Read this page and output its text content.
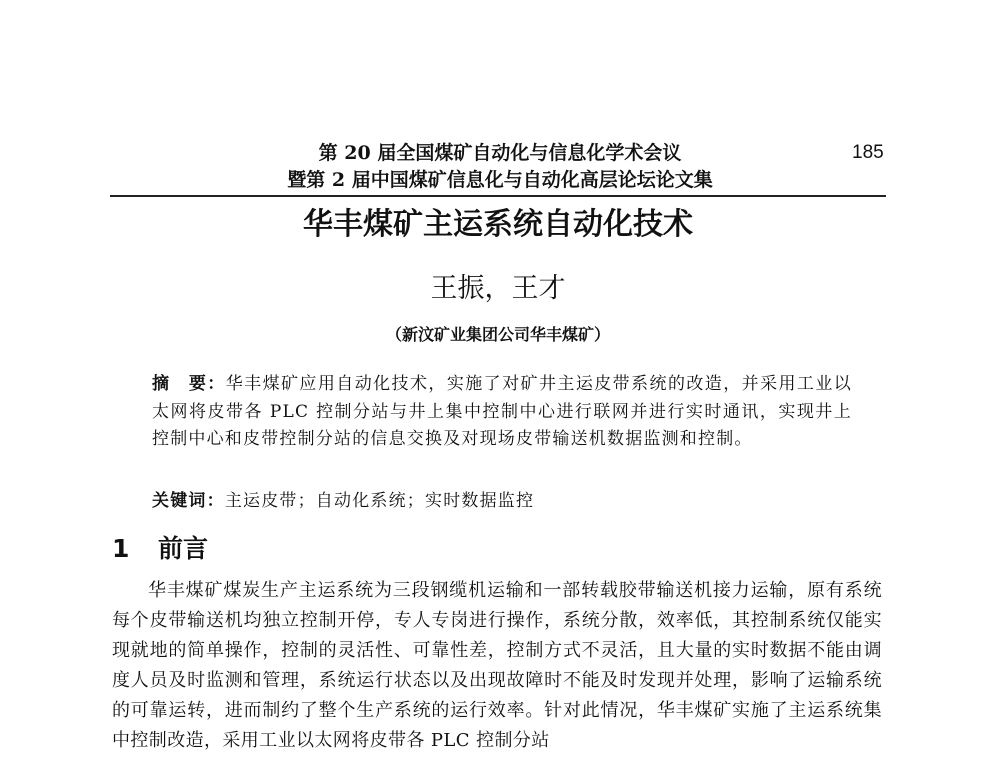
第 20 届全国煤矿自动化与信息化学术会议
暨第 2 届中国煤矿信息化与自动化高层论坛论文集
185
华丰煤矿主运系统自动化技术
王振，王才
（新汶矿业集团公司华丰煤矿）
摘　要：华丰煤矿应用自动化技术，实施了对矿井主运皮带系统的改造，并采用工业以太网将皮带各 PLC 控制分站与井上集中控制中心进行联网并进行实时通讯，实现井上控制中心和皮带控制分站的信息交换及对现场皮带输送机数据监测和控制。
关键词：主运皮带；自动化系统；实时数据监控
1 前言
华丰煤矿煤炭生产主运系统为三段钢缆机运输和一部转载胶带输送机接力运输，原有系统每个皮带输送机均独立控制开停，专人专岗进行操作，系统分散，效率低，其控制系统仅能实现就地的简单操作，控制的灵活性、可靠性差，控制方式不灵活，且大量的实时数据不能由调度人员及时监测和管理，系统运行状态以及出现故障时不能及时发现并处理，影响了运输系统的可靠运转，进而制约了整个生产系统的运行效率。针对此情况，华丰煤矿实施了主运系统集中控制改造，采用工业以太网将皮带各 PLC 控制分站
